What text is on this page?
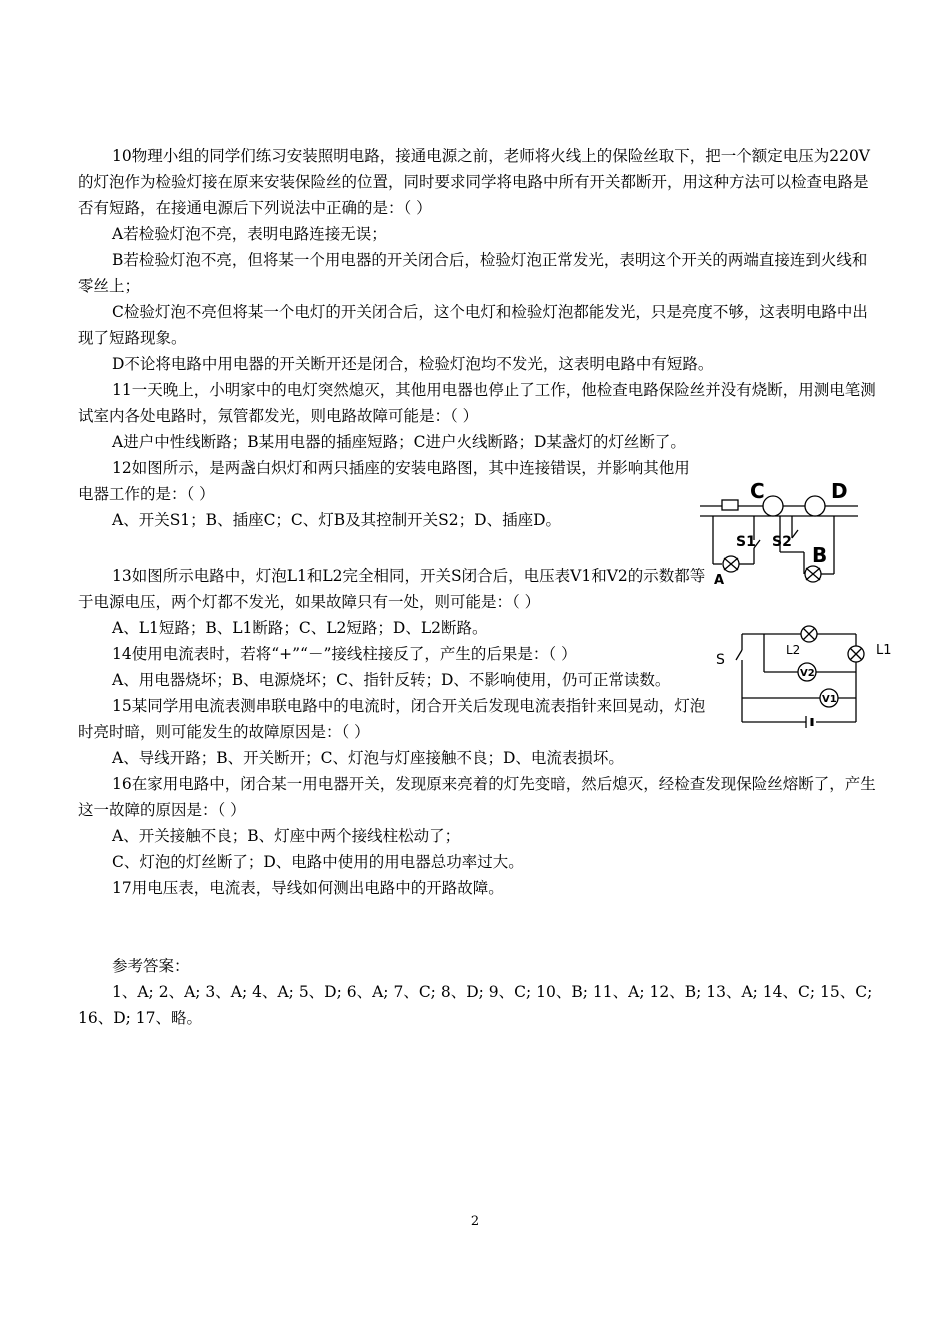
10物理小组的同学们练习安装照明电路，接通电源之前，老师将火线上的保险丝取下，把一个额定电压为220V的灯泡作为检验灯接在原来安装保险丝的位置，同时要求同学将电路中所有开关都断开，用这种方法可以检查电路是否有短路，在接通电源后下列说法中正确的是：（ ）

A若检验灯泡不亮，表明电路连接无误；

B若检验灯泡不亮，但将某一个用电器的开关闭合后，检验灯泡正常发光，表明这个开关的两端直接连到火线和零丝上；

C检验灯泡不亮但将某一个电灯的开关闭合后，这个电灯和检验灯泡都能发光，只是亮度不够，这表明电路中出现了短路现象。

D不论将电路中用电器的开关断开还是闭合，检验灯泡均不发光，这表明电路中有短路。

11一天晚上，小明家中的电灯突然熄灭，其他用电器也停止了工作，他检查电路保险丝并没有烧断，用测电笔测试室内各处电路时，氖管都发光，则电路故障可能是：（ ）

A进户中性线断路；B某用电器的插座短路；C进户火线断路；D某盏灯的灯丝断了。

12如图所示，是两盏白炽灯和两只插座的安装电路图，其中连接错误，并影响其他用电器工作的是：（ ）

A、开关S1；B、插座C；C、灯B及其控制开关S2；D、插座D。

13如图所示电路中，灯泡L1和L2完全相同，开关S闭合后，电压表V1和V2的示数都等于电源电压，两个灯都不发光，如果故障只有一处，则可能是：（ ）

A、L1短路；B、L1断路；C、L2短路；D、L2断路。

14使用电流表时，若将“+”“－”接线柱接反了，产生的后果是：（ ）

A、用电器烧坏；B、电源烧坏；C、指针反转；D、不影响使用，仍可正常读数。

15某同学用电流表测串联电路中的电流时，闭合开关后发现电流表指针来回晃动，灯泡时亮时暗，则可能发生的故障原因是：（ ）

A、导线开路；B、开关断开；C、灯泡与灯座接触不良；D、电流表损坏。

16在家用电路中，闭合某一用电器开关，发现原来亮着的灯先变暗，然后熄灭，经检查发现保险丝熔断了，产生这一故障的原因是：（ ）

A、开关接触不良；B、灯座中两个接线柱松动了；

C、灯泡的灯丝断了；D、电路中使用的用电器总功率过大。

17用电压表，电流表，导线如何测出电路中的开路故障。

参考答案：

1、A; 2、A; 3、A; 4、A; 5、D; 6、A; 7、C; 8、D; 9、C; 10、B; 11、A; 12、B; 13、A; 14、C; 15、C; 16、D; 17、略。

C	D
S1 S2
A
B
S
L2	L1
V2
V1
2
